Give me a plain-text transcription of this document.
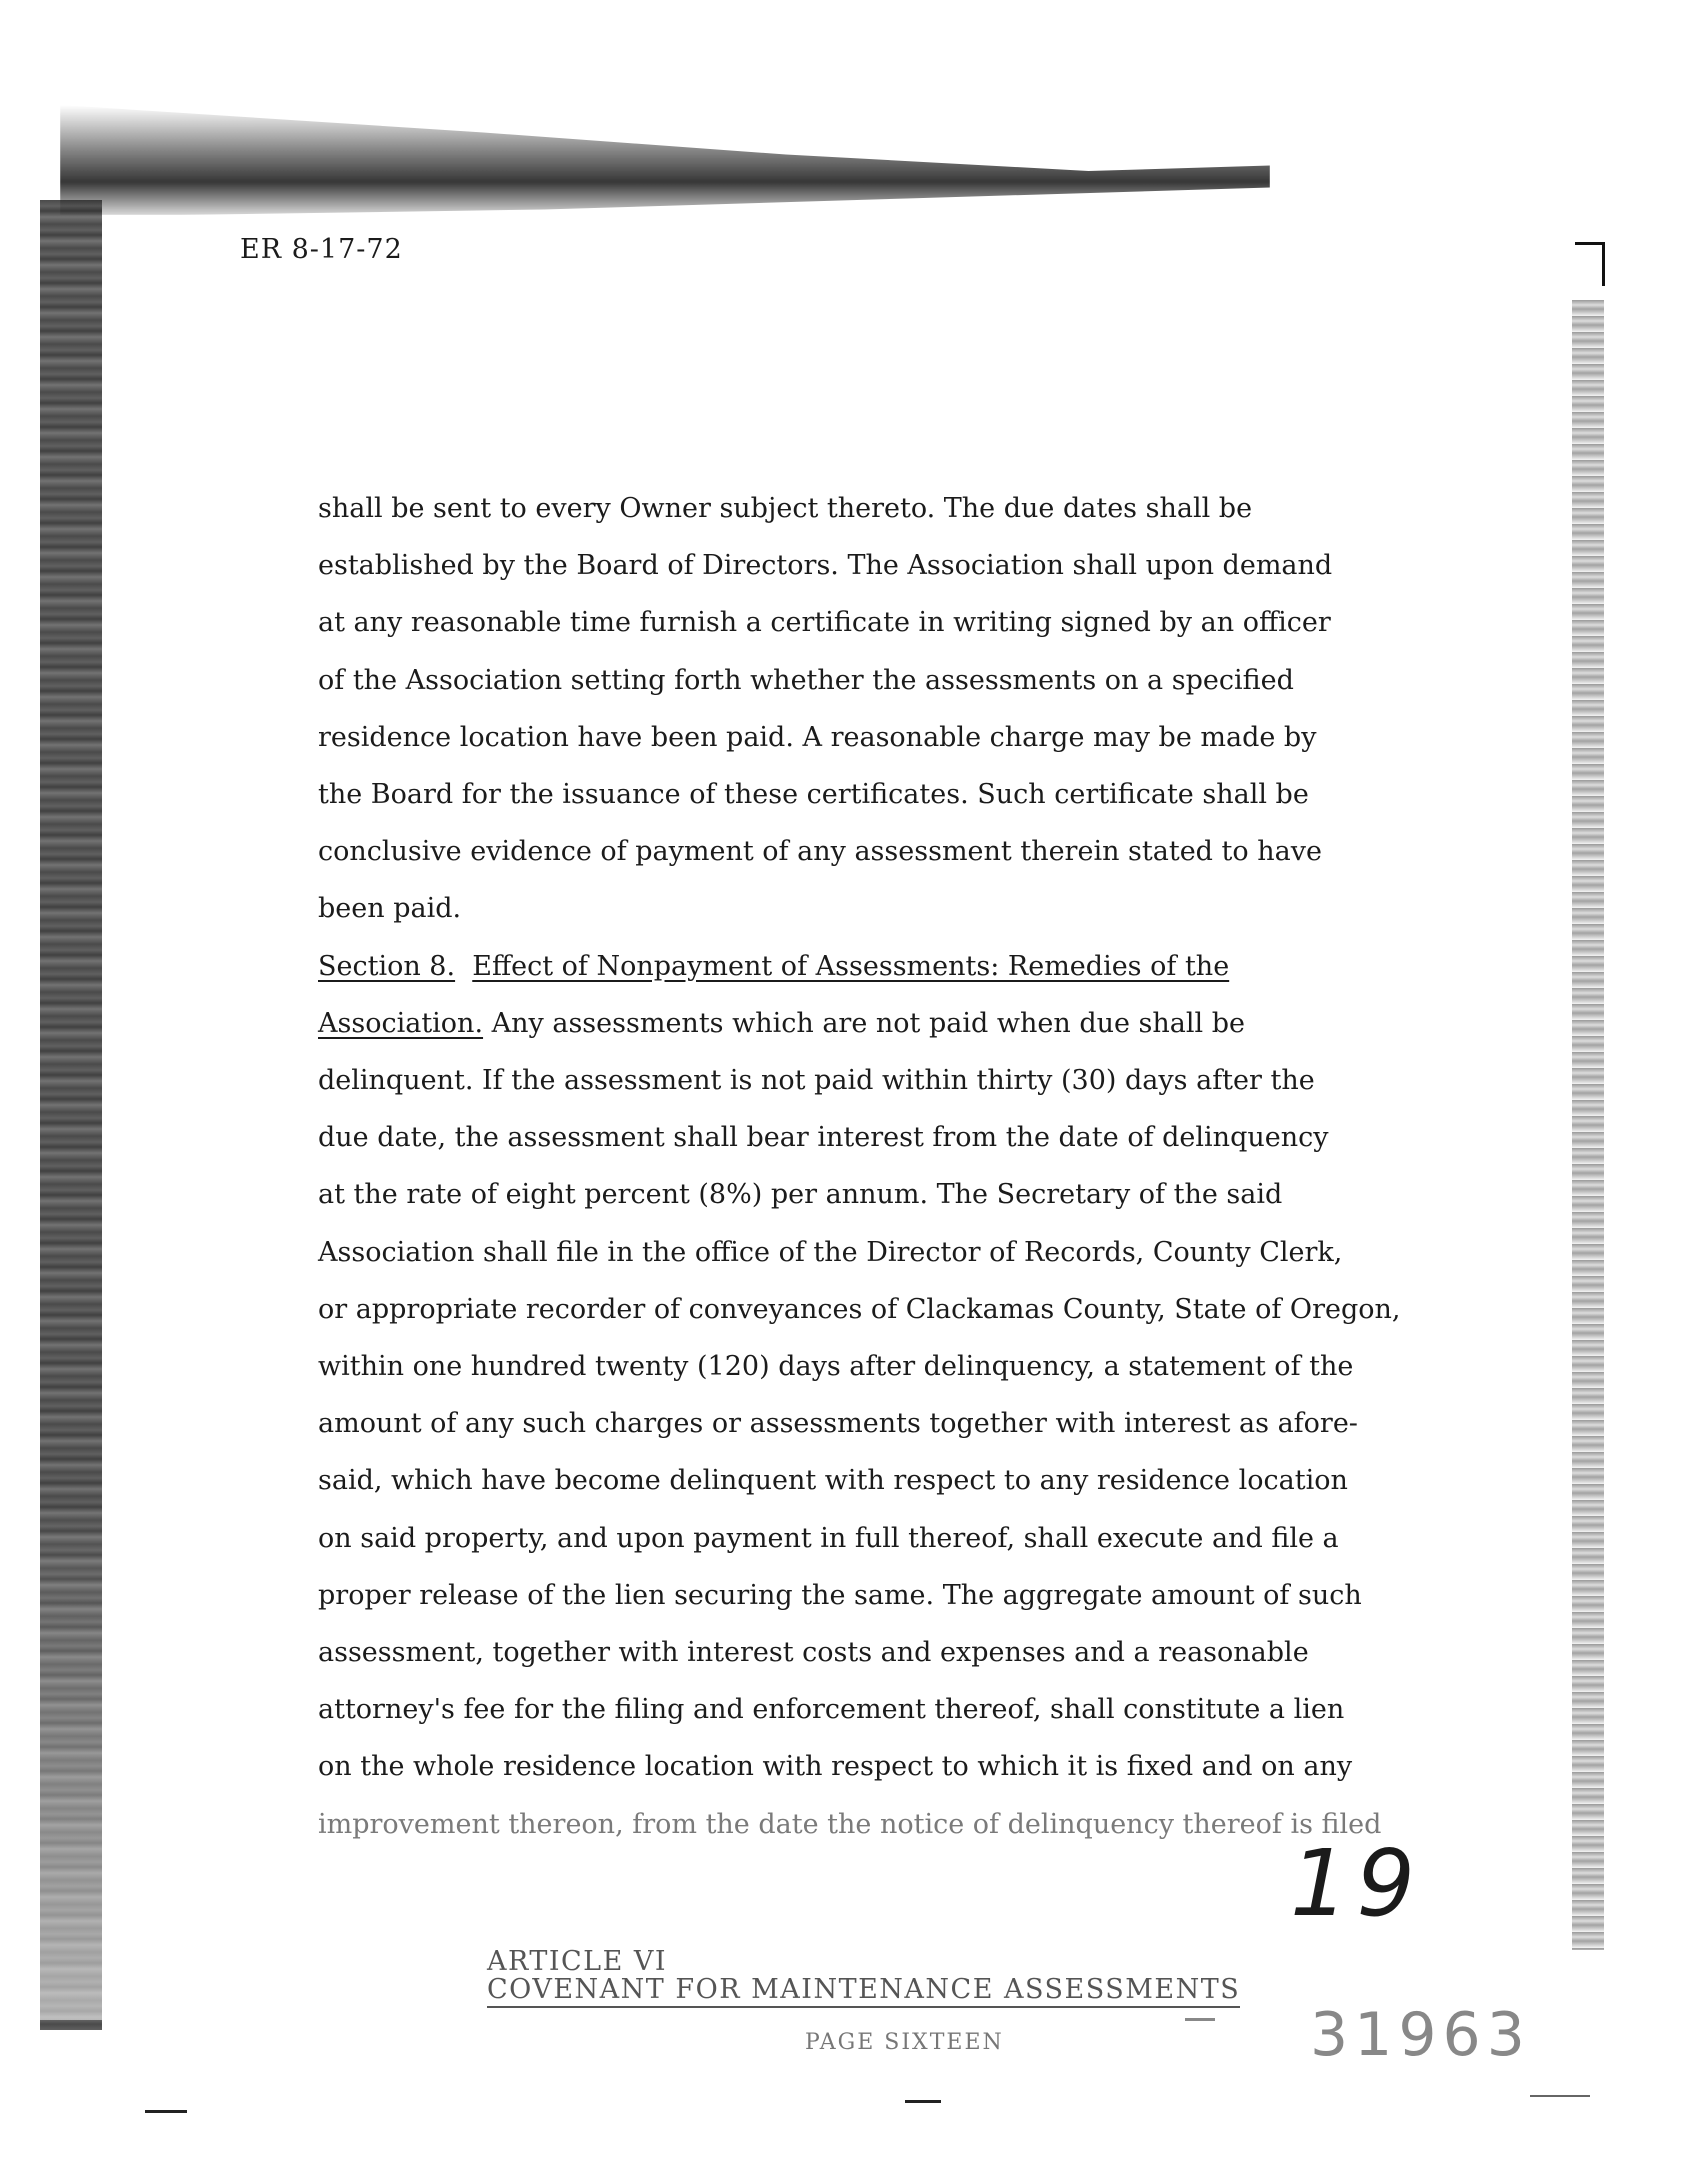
ER 8-17-72
shall be sent to every Owner subject thereto. The due dates shall be
established by the Board of Directors. The Association shall upon demand
at any reasonable time furnish a certificate in writing signed by an officer
of the Association setting forth whether the assessments on a specified
residence location have been paid. A reasonable charge may be made by
the Board for the issuance of these certificates. Such certificate shall be
conclusive evidence of payment of any assessment therein stated to have
been paid.
Section 8. Effect of Nonpayment of Assessments: Remedies of the
Association. Any assessments which are not paid when due shall be
delinquent. If the assessment is not paid within thirty (30) days after the
due date, the assessment shall bear interest from the date of delinquency
at the rate of eight percent (8%) per annum. The Secretary of the said
Association shall file in the office of the Director of Records, County Clerk,
or appropriate recorder of conveyances of Clackamas County, State of Oregon,
within one hundred twenty (120) days after delinquency, a statement of the
amount of any such charges or assessments together with interest as afore-
said, which have become delinquent with respect to any residence location
on said property, and upon payment in full thereof, shall execute and file a
proper release of the lien securing the same. The aggregate amount of such
assessment, together with interest costs and expenses and a reasonable
attorney's fee for the filing and enforcement thereof, shall constitute a lien
on the whole residence location with respect to which it is fixed and on any
improvement thereon, from the date the notice of delinquency thereof is filed
19
ARTICLE VI
COVENANT FOR MAINTENANCE ASSESSMENTS
PAGE SIXTEEN	31963
